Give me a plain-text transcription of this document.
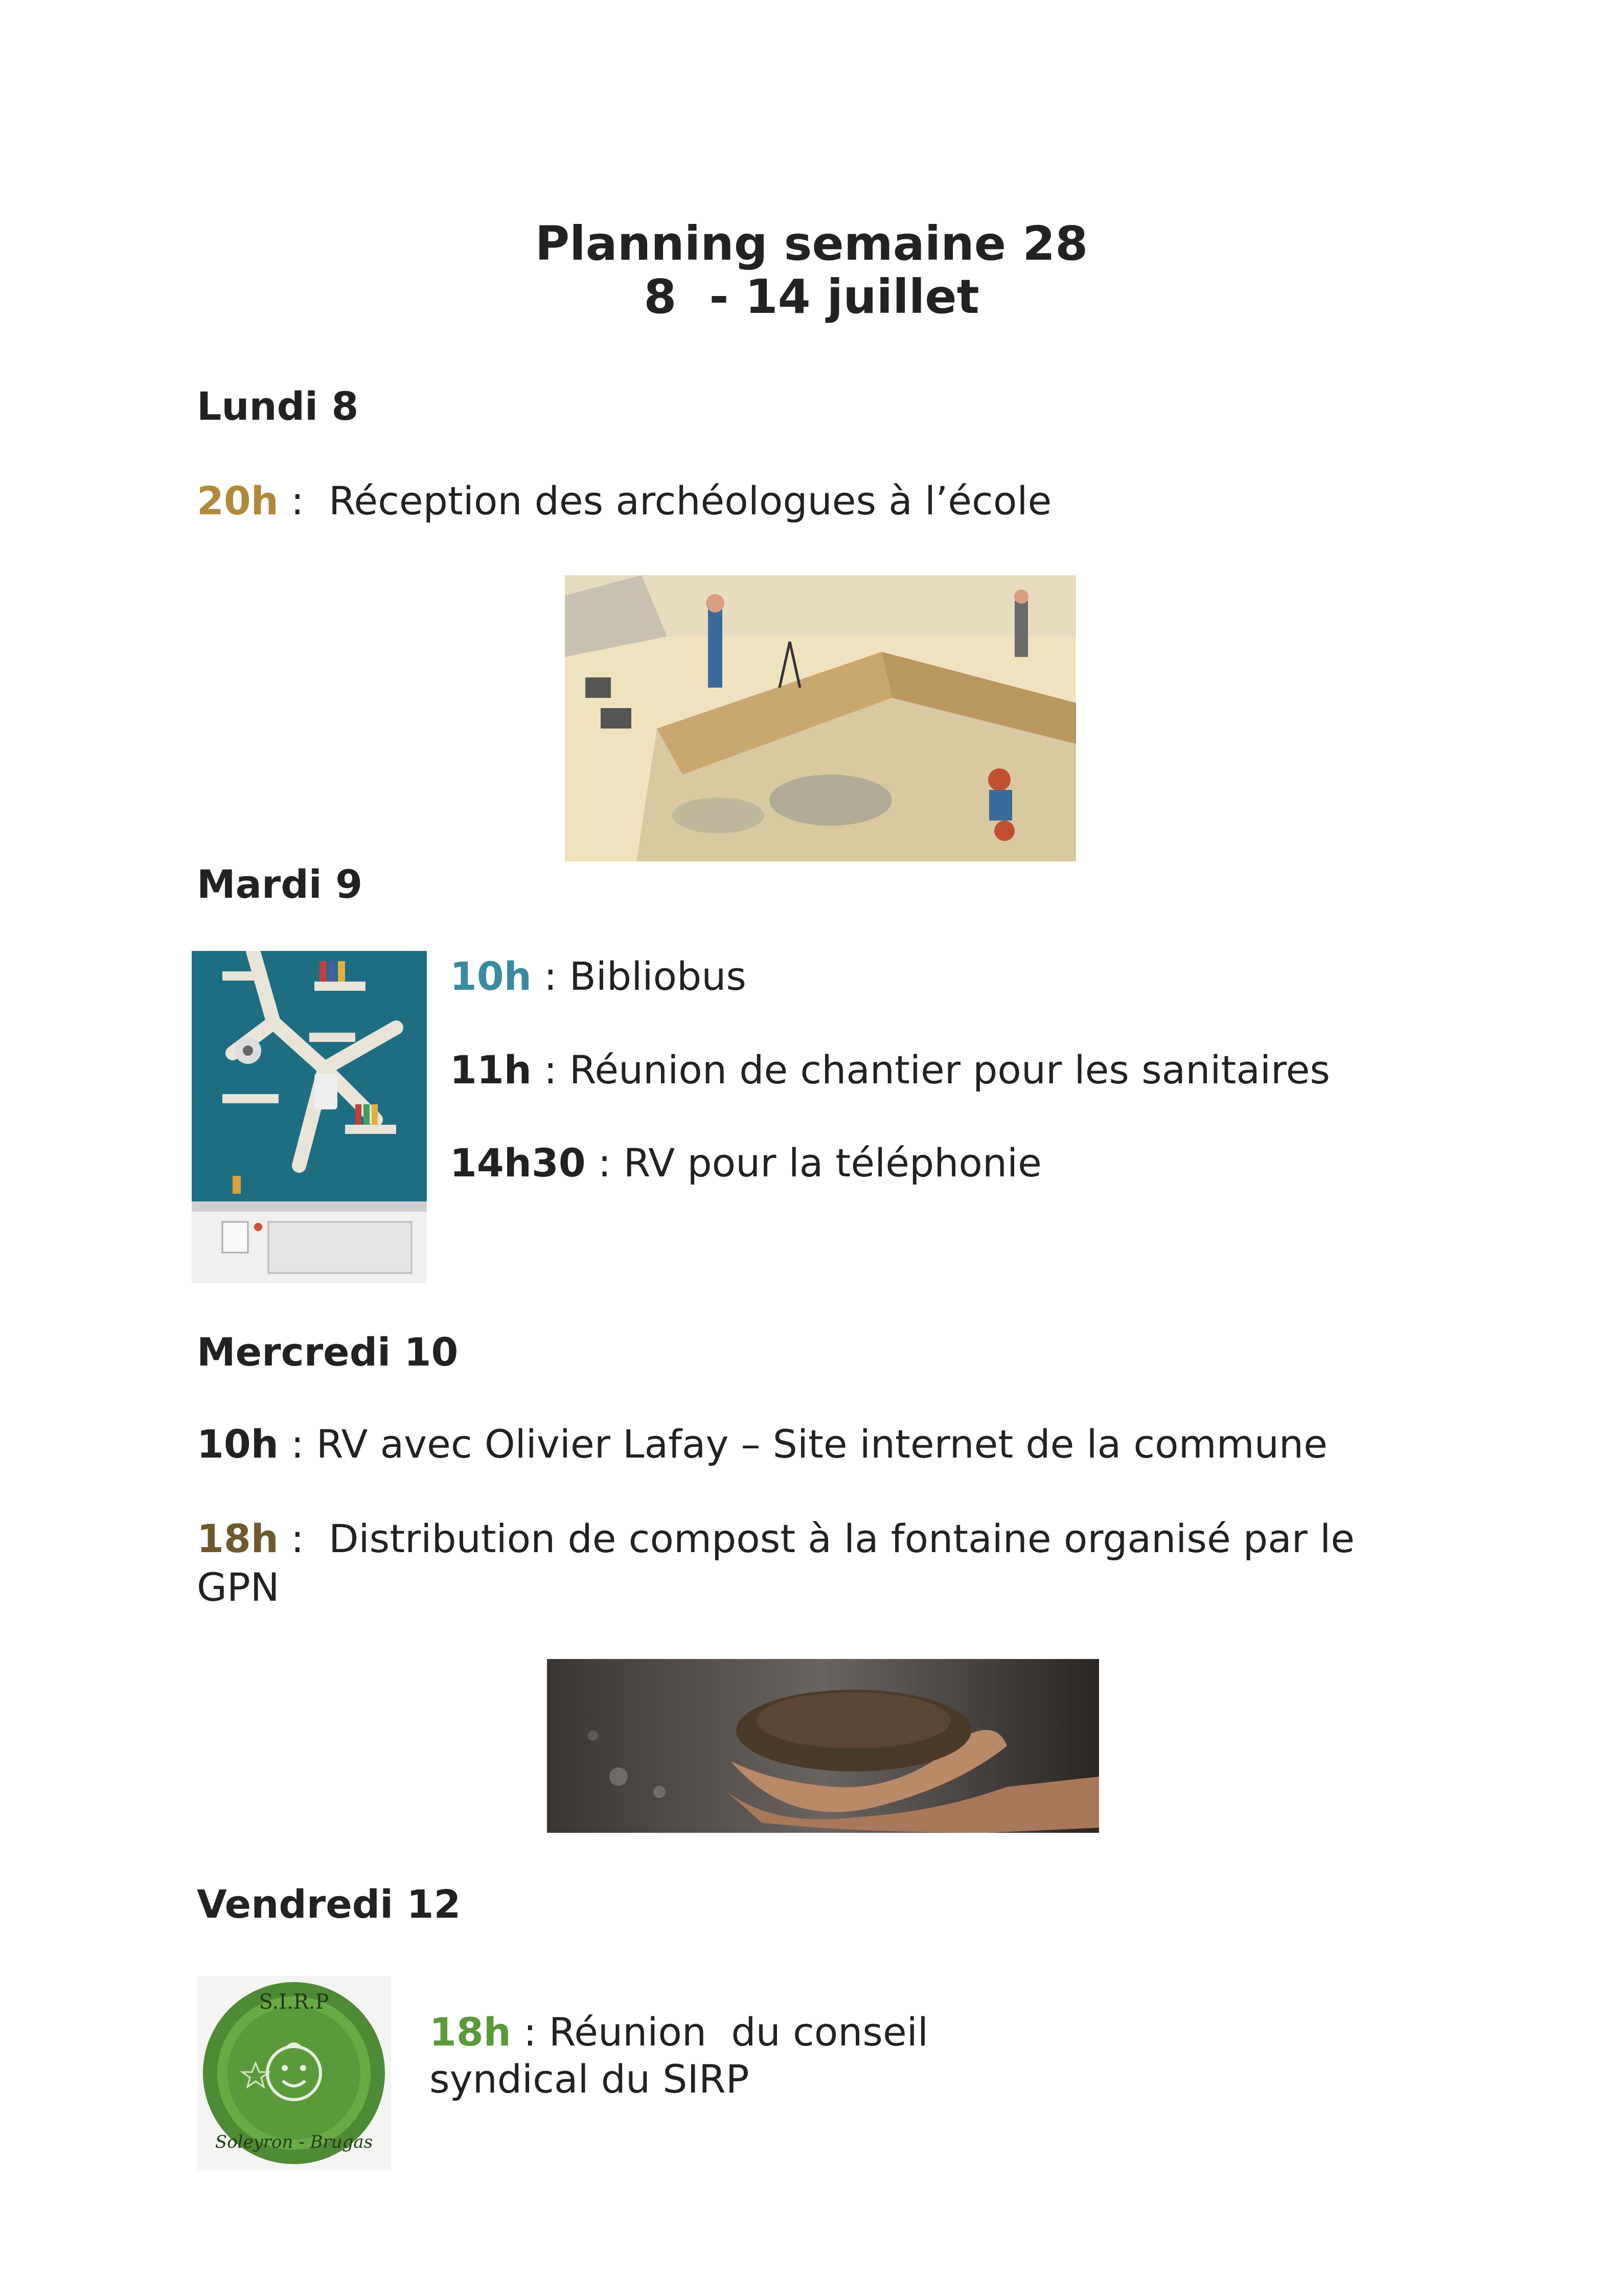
Planning semaine 28
8  - 14 juillet
Lundi 8
20h :  Réception des archéologues à l’école
Mardi 9
10h : Bibliobus
11h : Réunion de chantier pour les sanitaires
14h30 : RV pour la téléphonie
Mercredi 10
10h : RV avec Olivier Lafay – Site internet de la commune
18h :  Distribution de compost à la fontaine organisé par le
GPN
Vendredi 12
S.I.R.P
Soleyron - Brugas
18h : Réunion  du conseil
syndical du SIRP
